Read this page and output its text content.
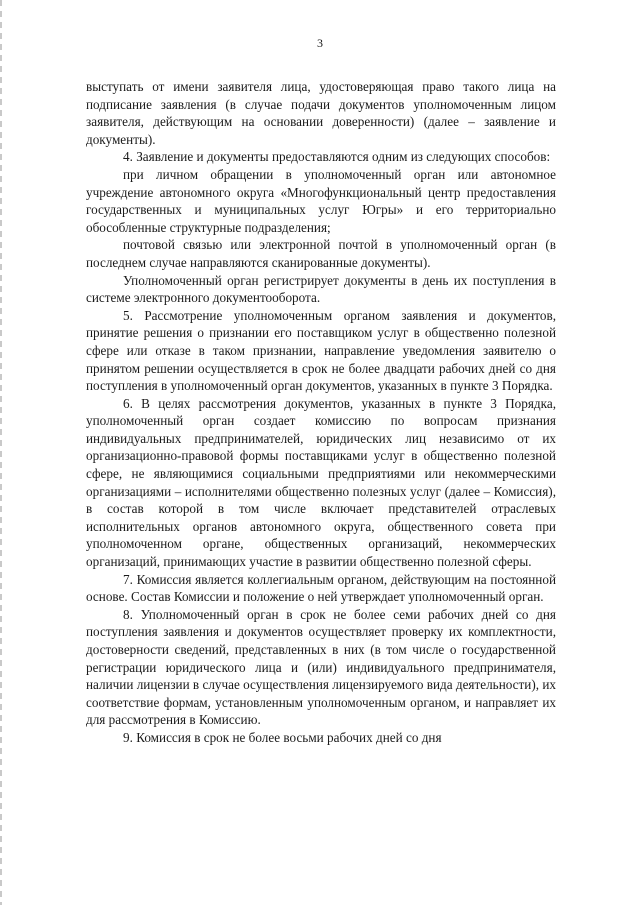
3

выступать от имени заявителя лица, удостоверяющая право такого лица на подписание заявления (в случае подачи документов уполномоченным лицом заявителя, действующим на основании доверенности) (далее – заявление и документы).

4. Заявление и документы предоставляются одним из следующих способов:

при личном обращении в уполномоченный орган или автономное учреждение автономного округа «Многофункциональный центр предоставления государственных и муниципальных услуг Югры» и его территориально обособленные структурные подразделения;

почтовой связью или электронной почтой в уполномоченный орган (в последнем случае направляются сканированные документы).

Уполномоченный орган регистрирует документы в день их поступления в системе электронного документооборота.

5. Рассмотрение уполномоченным органом заявления и документов, принятие решения о признании его поставщиком услуг в общественно полезной сфере или отказе в таком признании, направление уведомления заявителю о принятом решении осуществляется в срок не более двадцати рабочих дней со дня поступления в уполномоченный орган документов, указанных в пункте 3 Порядка.

6. В целях рассмотрения документов, указанных в пункте 3 Порядка, уполномоченный орган создает комиссию по вопросам признания индивидуальных предпринимателей, юридических лиц независимо от их организационно-правовой формы поставщиками услуг в общественно полезной сфере, не являющимися социальными предприятиями или некоммерческими организациями – исполнителями общественно полезных услуг (далее – Комиссия), в состав которой в том числе включает представителей отраслевых исполнительных органов автономного округа, общественного совета при уполномоченном органе, общественных организаций, некоммерческих организаций, принимающих участие в развитии общественно полезной сферы.

7. Комиссия является коллегиальным органом, действующим на постоянной основе. Состав Комиссии и положение о ней утверждает уполномоченный орган.

8. Уполномоченный орган в срок не более семи рабочих дней со дня поступления заявления и документов осуществляет проверку их комплектности, достоверности сведений, представленных в них (в том числе о государственной регистрации юридического лица и (или) индивидуального предпринимателя, наличии лицензии в случае осуществления лицензируемого вида деятельности), их соответствие формам, установленным уполномоченным органом, и направляет их для рассмотрения в Комиссию.

9. Комиссия в срок не более восьми рабочих дней со дня
